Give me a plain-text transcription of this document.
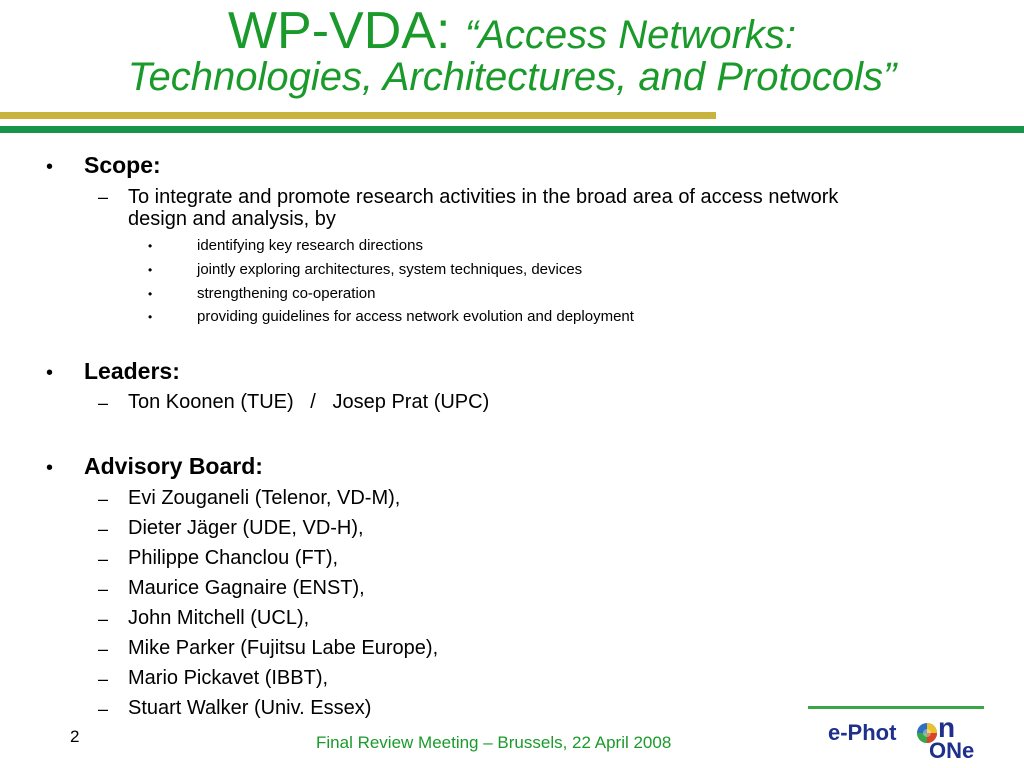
WP-VDA: “Access Networks:
Technologies, Architectures, and Protocols”
• Scope:
– To integrate and promote research activities in the broad area of access network
design and analysis, by
•	identifying key research directions
•	jointly exploring architectures, system techniques, devices
•	strengthening co-operation
•	providing guidelines for access network evolution and deployment
• Leaders:
– Ton Koonen (TUE)   /   Josep Prat (UPC)
• Advisory Board:
– Evi Zouganeli (Telenor, VD-M),
– Dieter Jäger (UDE, VD-H),
– Philippe Chanclou (FT),
– Maurice Gagnaire (ENST),
– John Mitchell (UCL),
– Mike Parker (Fujitsu Labe Europe),
– Mario Pickavet (IBBT),
– Stuart Walker (Univ. Essex)
2	Final Review Meeting – Brussels, 22 April 2008	e-Phot n
ONe
